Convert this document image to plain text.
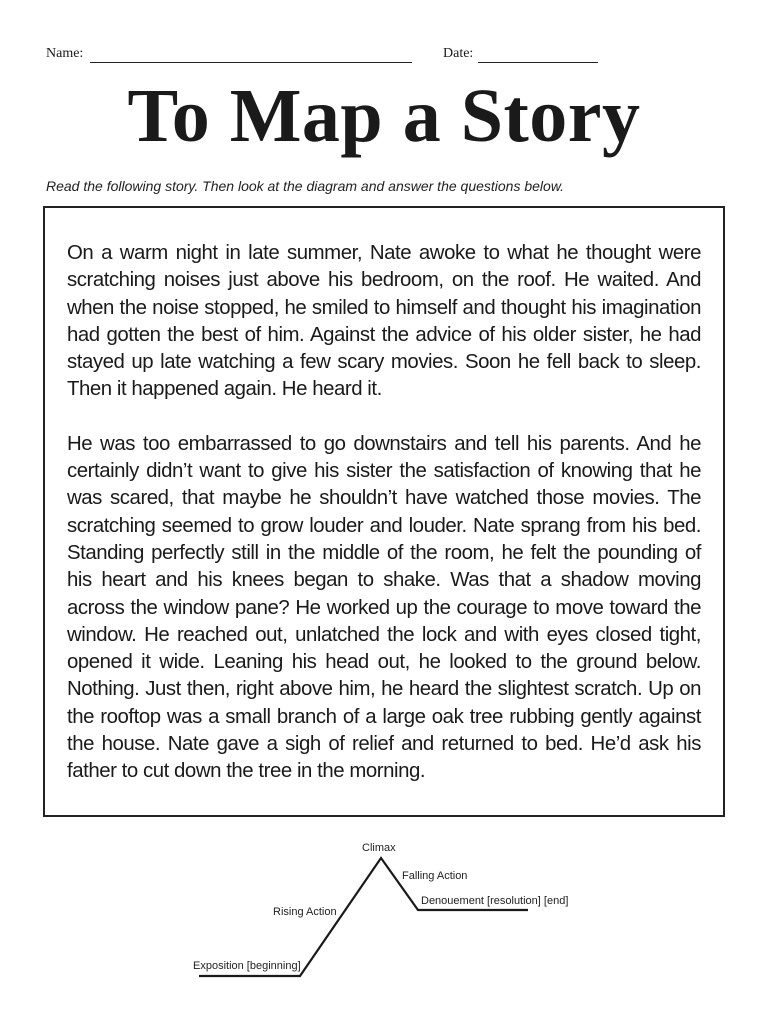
Name:	Date:
To Map a Story
Read the following story. Then look at the diagram and answer the questions below.

On a warm night in late summer, Nate awoke to what he thought were scratching noises just above his bedroom, on the roof. He waited. And when the noise stopped, he smiled to himself and thought his imagination had gotten the best of him. Against the advice of his older sister, he had stayed up late watching a few scary movies. Soon he fell back to sleep. Then it happened again. He heard it.

He was too embarrassed to go downstairs and tell his parents. And he certainly didn’t want to give his sister the satisfaction of knowing that he was scared, that maybe he shouldn’t have watched those movies. The scratching seemed to grow louder and louder. Nate sprang from his bed. Standing perfectly still in the middle of the room, he felt the pounding of his heart and his knees began to shake. Was that a shadow moving across the window pane? He worked up the courage to move toward the window. He reached out, unlatched the lock and with eyes closed tight, opened it wide. Leaning his head out, he looked to the ground below. Nothing. Just then, right above him, he heard the slightest scratch. Up on the rooftop was a small branch of a large oak tree rubbing gently against the house. Nate gave a sigh of relief and returned to bed. He’d ask his father to cut down the tree in the morning.

Climax
Falling Action
Denouement [resolution] [end]
Rising Action
Exposition [beginning]
